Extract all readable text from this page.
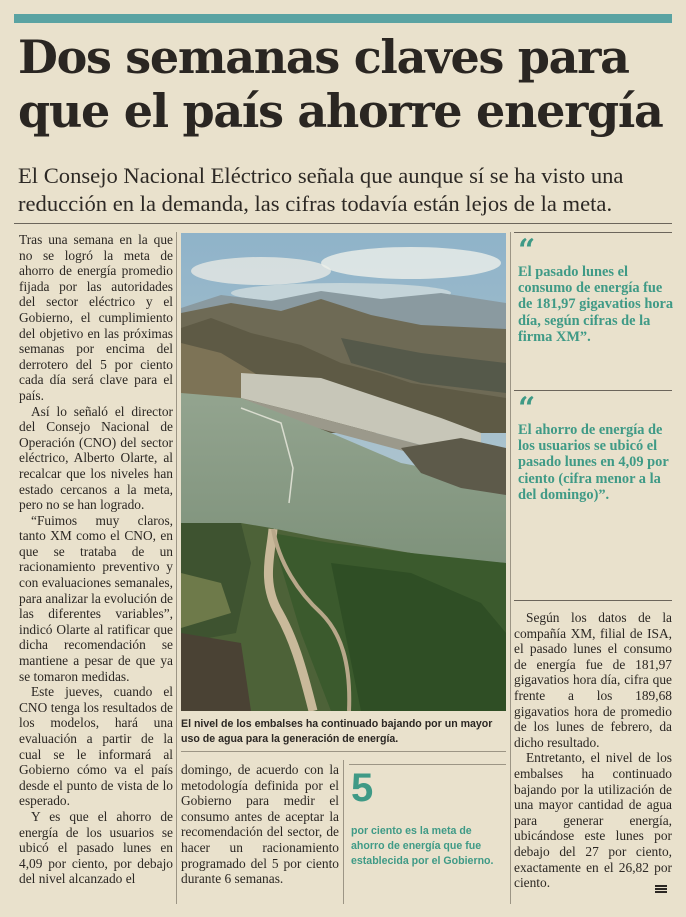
Dos semanas claves para
que el país ahorre energía

El Consejo Nacional Eléctrico señala que aunque sí se ha visto una reducción en la demanda, las cifras todavía están lejos de la meta.

Tras una semana en la que no se logró la meta de ahorro de energía promedio fijada por las autoridades del sector eléctrico y el Gobierno, el cumplimiento del objetivo en las próximas semanas por encima del derrotero del 5 por ciento cada día será clave para el país.

Así lo señaló el director del Consejo Nacional de Operación (CNO) del sector eléctrico, Alberto Olarte, al recalcar que los niveles han estado cercanos a la meta, pero no se han logrado.

“Fuimos muy claros, tanto XM como el CNO, en que se trataba de un racionamiento preventivo y con evaluaciones semanales, para analizar la evolución de las diferentes variables”, indicó Olarte al ratificar que dicha recomendación se mantiene a pesar de que ya se tomaron medidas.

Este jueves, cuando el CNO tenga los resultados de los modelos, hará una evaluación a partir de la cual se le informará al Gobierno cómo va el país desde el punto de vista de lo esperado.

Y es que el ahorro de energía de los usuarios se ubicó el pasado lunes en 4,09 por ciento, por debajo del nivel alcanzado el

El nivel de los embalses ha continuado bajando por un mayor uso de agua para la generación de energía.

domingo, de acuerdo con la metodología definida por el Gobierno para medir el consumo antes de aceptar la recomendación del sector, de hacer un racionamiento programado del 5 por ciento durante 6 semanas.

5

por ciento es la meta de ahorro de energía que fue establecida por el Gobierno.

“

El pasado lunes el consumo de energía fue de 181,97 gigavatios hora día, según cifras de la firma XM”.

“

El ahorro de energía de los usuarios se ubicó el pasado lunes en 4,09 por ciento (cifra menor a la del domingo)”.

Según los datos de la compañía XM, filial de ISA, el pasado lunes el consumo de energía fue de 181,97 gigavatios hora día, cifra que frente a los 189,68 gigavatios hora de promedio de los lunes de febrero, da dicho resultado.

Entretanto, el nivel de los embalses ha continuado bajando por la utilización de una mayor cantidad de agua para generar energía, ubicándose este lunes por debajo del 27 por ciento, exactamente en el 26,82 por ciento.
